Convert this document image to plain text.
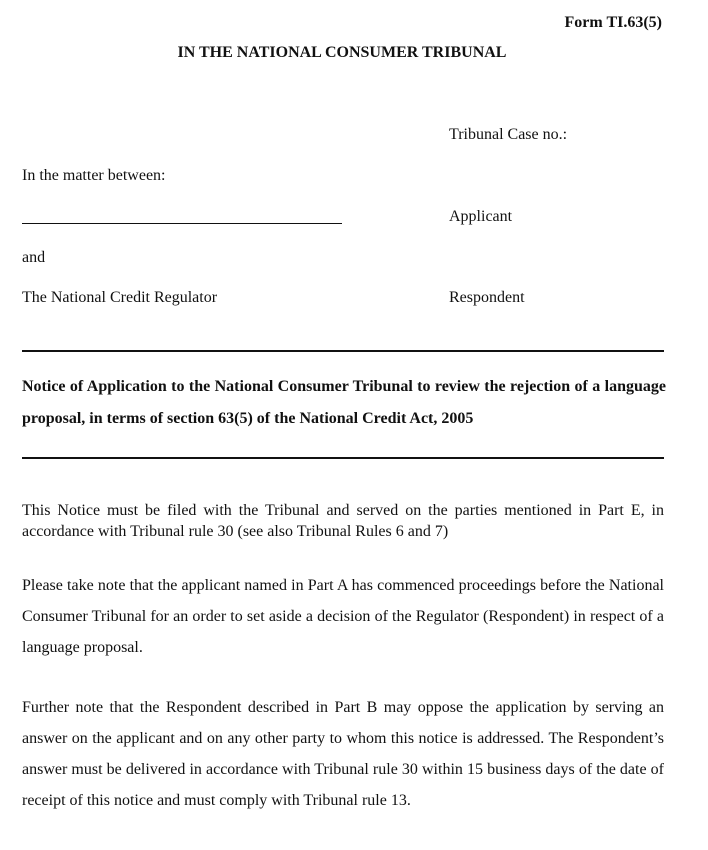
Form TI.63(5)
IN THE NATIONAL CONSUMER TRIBUNAL
Tribunal Case no.:
In the matter between:
Applicant
and
The National Credit Regulator	Respondent
Notice of Application to the National Consumer Tribunal to review the rejection of a language proposal, in terms of section 63(5) of the National Credit Act, 2005
This Notice must be filed with the Tribunal and served on the parties mentioned in Part E, in accordance with Tribunal rule 30 (see also Tribunal Rules 6 and 7)
Please take note that the applicant named in Part A has commenced proceedings before the National Consumer Tribunal for an order to set aside a decision of the Regulator (Respondent) in respect of a language proposal.
Further note that the Respondent described in Part B may oppose the application by serving an answer on the applicant and on any other party to whom this notice is addressed. The Respondent’s answer must be delivered in accordance with Tribunal rule 30 within 15 business days of the date of receipt of this notice and must comply with Tribunal rule 13.
